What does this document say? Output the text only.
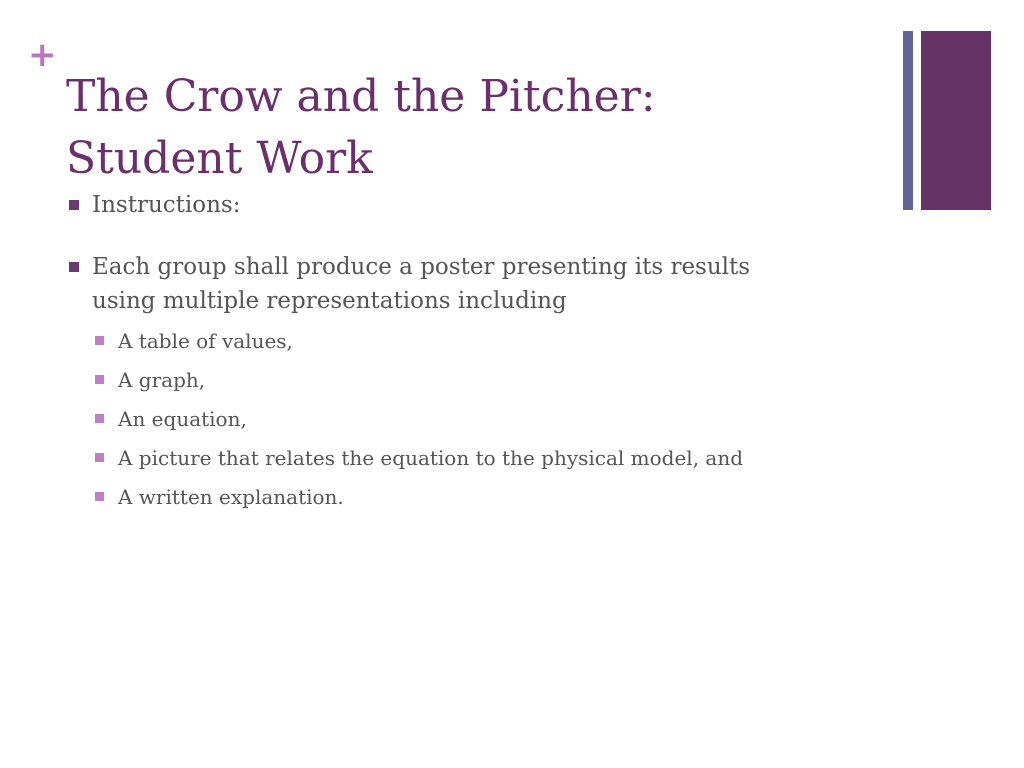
+
The Crow and the Pitcher:
Student Work
Instructions:
Each group shall produce a poster presenting its results
using multiple representations including
A table of values,
A graph,
An equation,
A picture that relates the equation to the physical model, and
A written explanation.
